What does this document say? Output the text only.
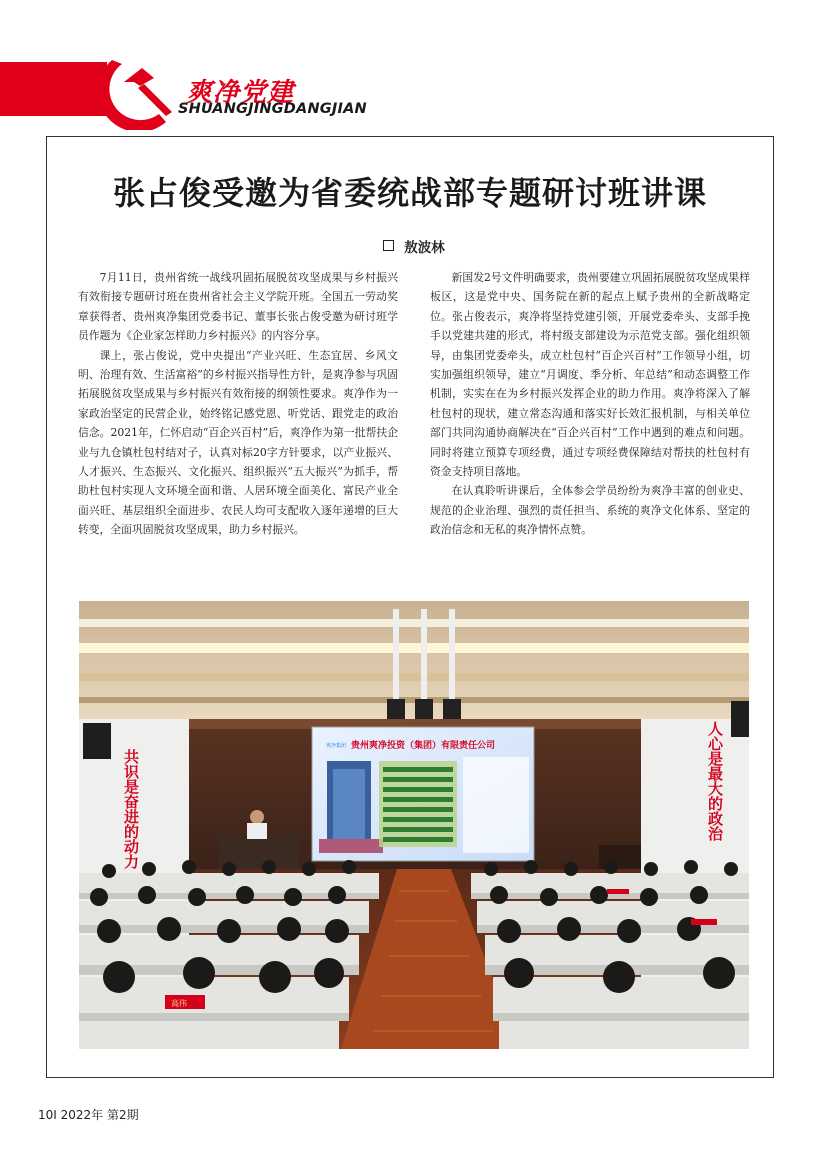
爽净党建
SHUANGJINGDANGJIAN
张占俊受邀为省委统战部专题研讨班讲课
敖波林

7月11日，贵州省统一战线巩固拓展脱贫攻坚成果与乡村振兴有效衔接专题研讨班在贵州省社会主义学院开班。全国五一劳动奖章获得者、贵州爽净集团党委书记、董事长张占俊受邀为研讨班学员作题为《企业家怎样助力乡村振兴》的内容分享。

课上，张占俊说，党中央提出“产业兴旺、生态宜居、乡风文明、治理有效、生活富裕”的乡村振兴指导性方针，是爽净参与巩固拓展脱贫攻坚成果与乡村振兴有效衔接的纲领性要求。爽净作为一家政治坚定的民营企业，始终铭记感党恩、听党话、跟党走的政治信念。2021年，仁怀启动“百企兴百村”后，爽净作为第一批帮扶企业与九仓镇杜包村结对子，认真对标20字方针要求，以产业振兴、人才振兴、生态振兴、文化振兴、组织振兴“五大振兴”为抓手，帮助杜包村实现人文环境全面和谐、人居环境全面美化、富民产业全面兴旺、基层组织全面进步、农民人均可支配收入逐年递增的巨大转变，全面巩固脱贫攻坚成果，助力乡村振兴。

新国发2号文件明确要求，贵州要建立巩固拓展脱贫攻坚成果样板区，这是党中央、国务院在新的起点上赋予贵州的全新战略定位。张占俊表示，爽净将坚持党建引领，开展党委牵头、支部手挽手以党建共建的形式，将村级支部建设为示范党支部。强化组织领导，由集团党委牵头，成立杜包村“百企兴百村”工作领导小组，切实加强组织领导，建立“月调度、季分析、年总结”和动态调整工作机制，实实在在为乡村振兴发挥企业的助力作用。爽净将深入了解杜包村的现状，建立常态沟通和落实好长效汇报机制，与相关单位部门共同沟通协商解决在“百企兴百村”工作中遇到的难点和问题。同时将建立预算专项经费，通过专项经费保障结对帮扶的杜包村有资金支持项目落地。

在认真聆听讲课后，全体参会学员纷纷为爽净丰富的创业史、规范的企业治理、强烈的责任担当、系统的爽净文化体系、坚定的政治信念和无私的爽净情怀点赞。

贵州爽净投资（集团）有限责任公司
爽净集团
共识是奋进的动力	人心是最大的政治
高伟
10I 2022年 第2期
